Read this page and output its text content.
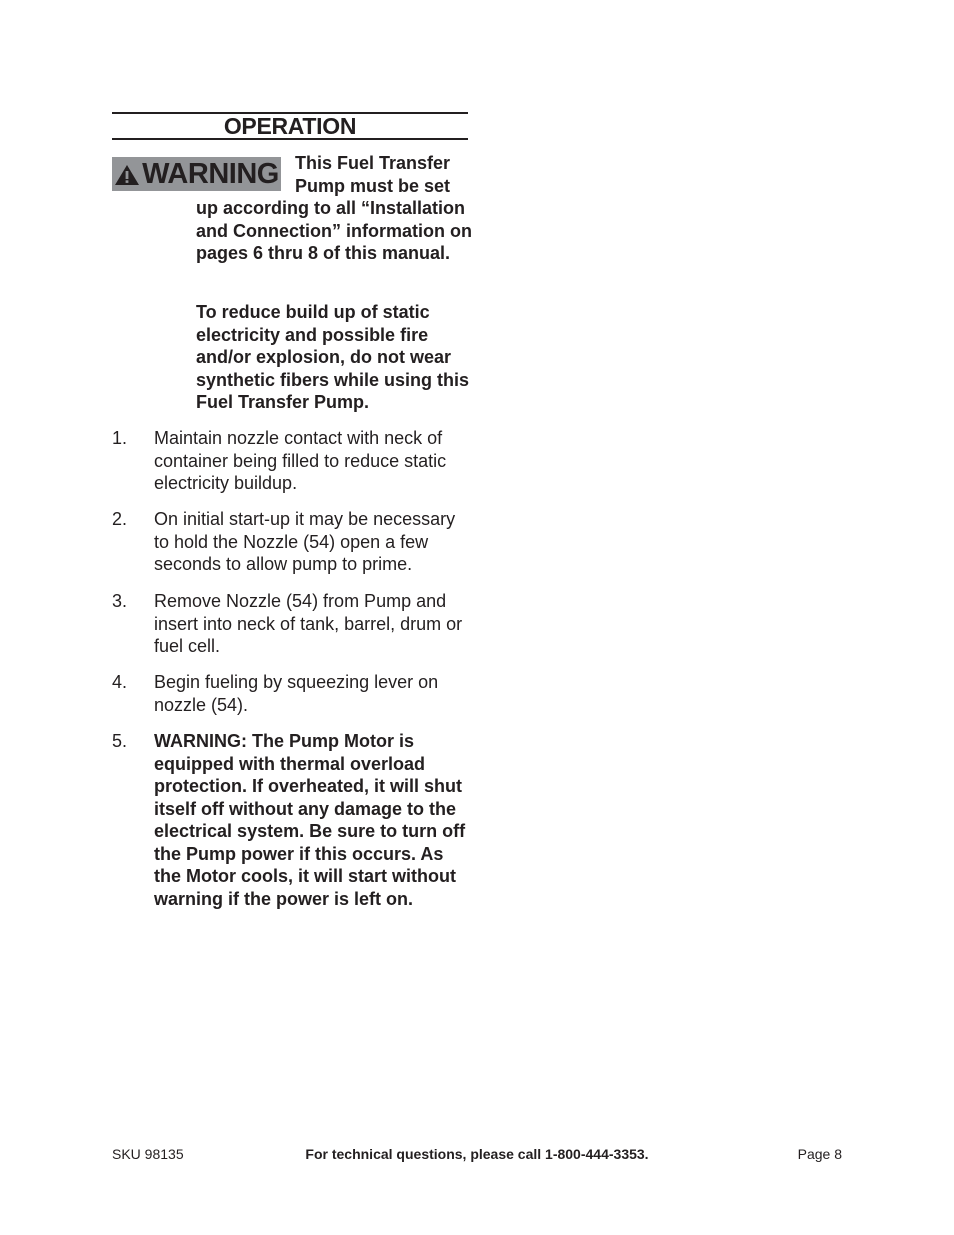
OPERATION
WARNING This Fuel Transfer Pump must be set

up according to all “Installation and Connection” information on pages 6 thru 8 of this manual.

To reduce build up of static electricity and possible fire and/or explosion, do not wear synthetic fibers while using this Fuel Transfer Pump.

1. Maintain nozzle contact with neck of container being filled to reduce static electricity buildup.
2. On initial start-up it may be necessary to hold the Nozzle (54) open a few seconds to allow pump to prime.
3. Remove Nozzle (54) from Pump and insert into neck of tank, barrel, drum or fuel cell.
4. Begin fueling by squeezing lever on nozzle (54).
5. WARNING: The Pump Motor is equipped with thermal overload protection. If overheated, it will shut itself off without any damage to the electrical system. Be sure to turn off the Pump power if this occurs. As the Motor cools, it will start without warning if the power is left on.
SKU 98135	For technical questions, please call 1-800-444-3353.	Page 8
